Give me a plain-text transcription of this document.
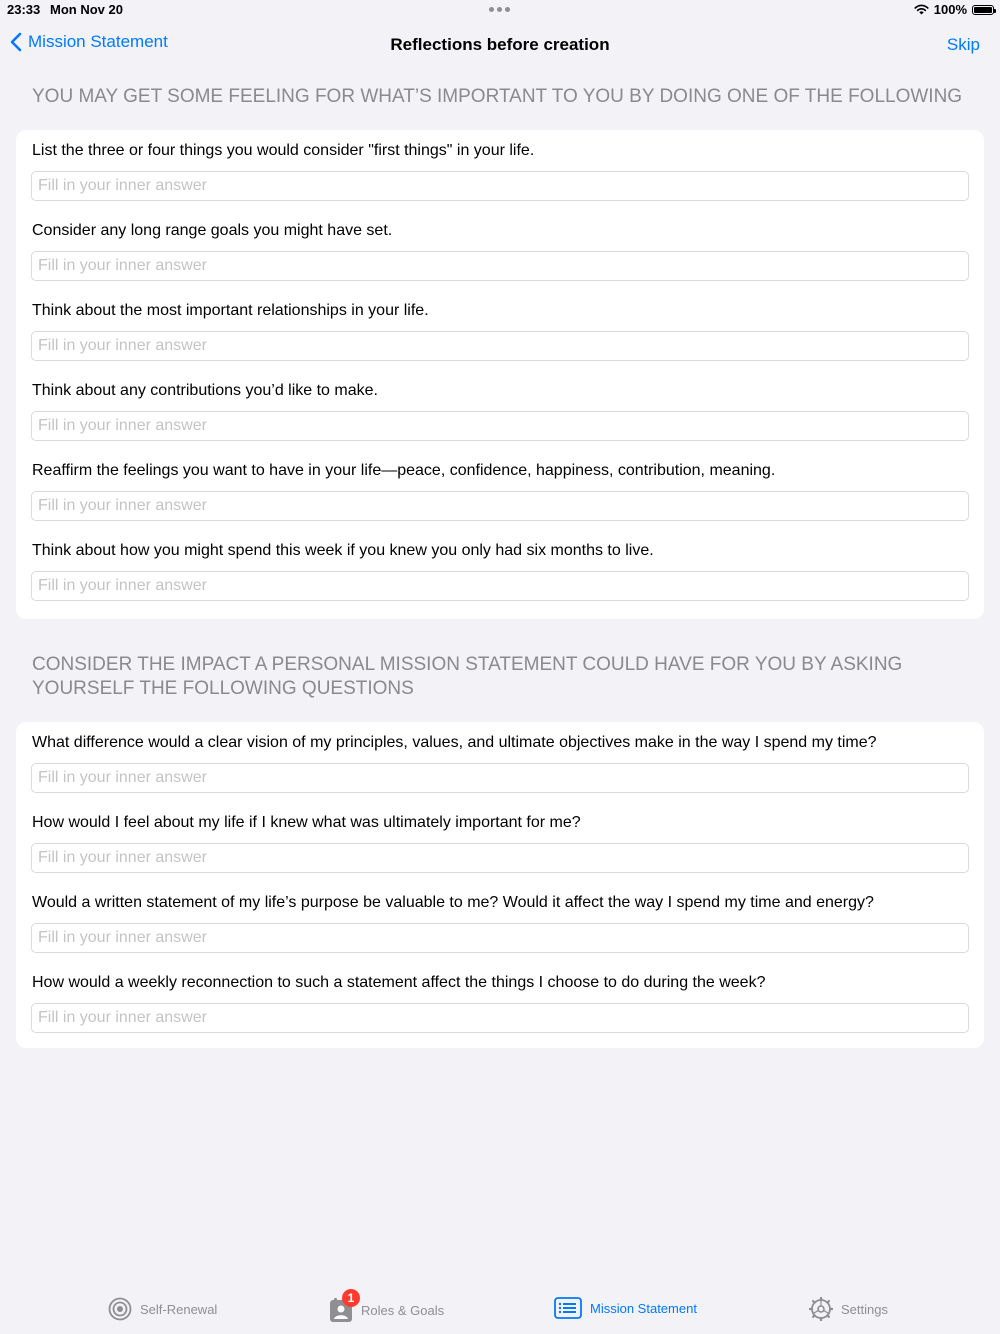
23:33 Mon Nov 20	100%
Mission Statement	Reflections before creation	Skip
YOU MAY GET SOME FEELING FOR WHAT’S IMPORTANT TO YOU BY DOING ONE OF THE FOLLOWING
List the three or four things you would consider "first things" in your life.
Fill in your inner answer
Consider any long range goals you might have set.
Fill in your inner answer
Think about the most important relationships in your life.
Fill in your inner answer
Think about any contributions you’d like to make.
Fill in your inner answer
Reaffirm the feelings you want to have in your life—peace, confidence, happiness, contribution, meaning.
Fill in your inner answer
Think about how you might spend this week if you knew you only had six months to live.
Fill in your inner answer
CONSIDER THE IMPACT A PERSONAL MISSION STATEMENT COULD HAVE FOR YOU BY ASKING YOURSELF THE FOLLOWING QUESTIONS
What difference would a clear vision of my principles, values, and ultimate objectives make in the way I spend my time?
Fill in your inner answer
How would I feel about my life if I knew what was ultimately important for me?
Fill in your inner answer
Would a written statement of my life’s purpose be valuable to me? Would it affect the way I spend my time and energy?
Fill in your inner answer
How would a weekly reconnection to such a statement affect the things I choose to do during the week?
Fill in your inner answer
Self-Renewal
1
Roles & Goals	Mission Statement	Settings
